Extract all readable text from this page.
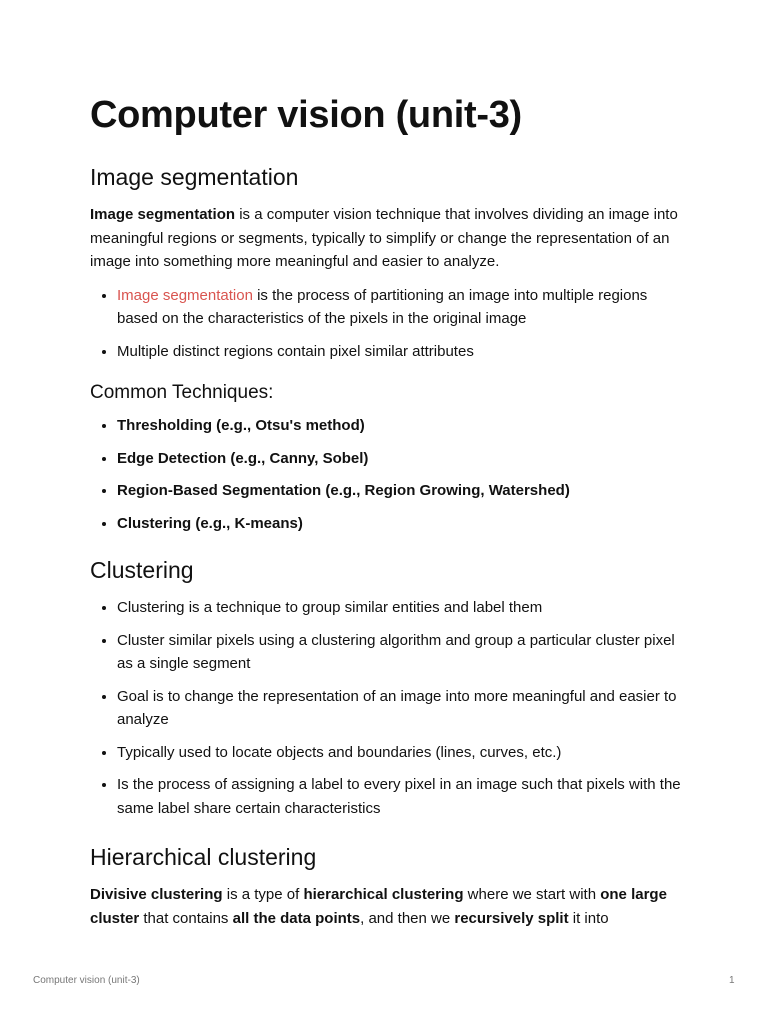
Computer vision (unit-3)
Image segmentation

Image segmentation is a computer vision technique that involves dividing an image into meaningful regions or segments, typically to simplify or change the representation of an image into something more meaningful and easier to analyze.

• Image segmentation is the process of partitioning an image into multiple regions based on the characteristics of the pixels in the original image
• Multiple distinct regions contain pixel similar attributes
Common Techniques:
• Thresholding (e.g., Otsu's method)
• Edge Detection (e.g., Canny, Sobel)
• Region-Based Segmentation (e.g., Region Growing, Watershed)
• Clustering (e.g., K-means)
Clustering
• Clustering is a technique to group similar entities and label them
• Cluster similar pixels using a clustering algorithm and group a particular cluster pixel as a single segment
• Goal is to change the representation of an image into more meaningful and easier to analyze
• Typically used to locate objects and boundaries (lines, curves, etc.)
• Is the process of assigning a label to every pixel in an image such that pixels with the same label share certain characteristics
Hierarchical clustering

Divisive clustering is a type of hierarchical clustering where we start with one large cluster that contains all the data points, and then we recursively split it into

Computer vision (unit-3)	1
